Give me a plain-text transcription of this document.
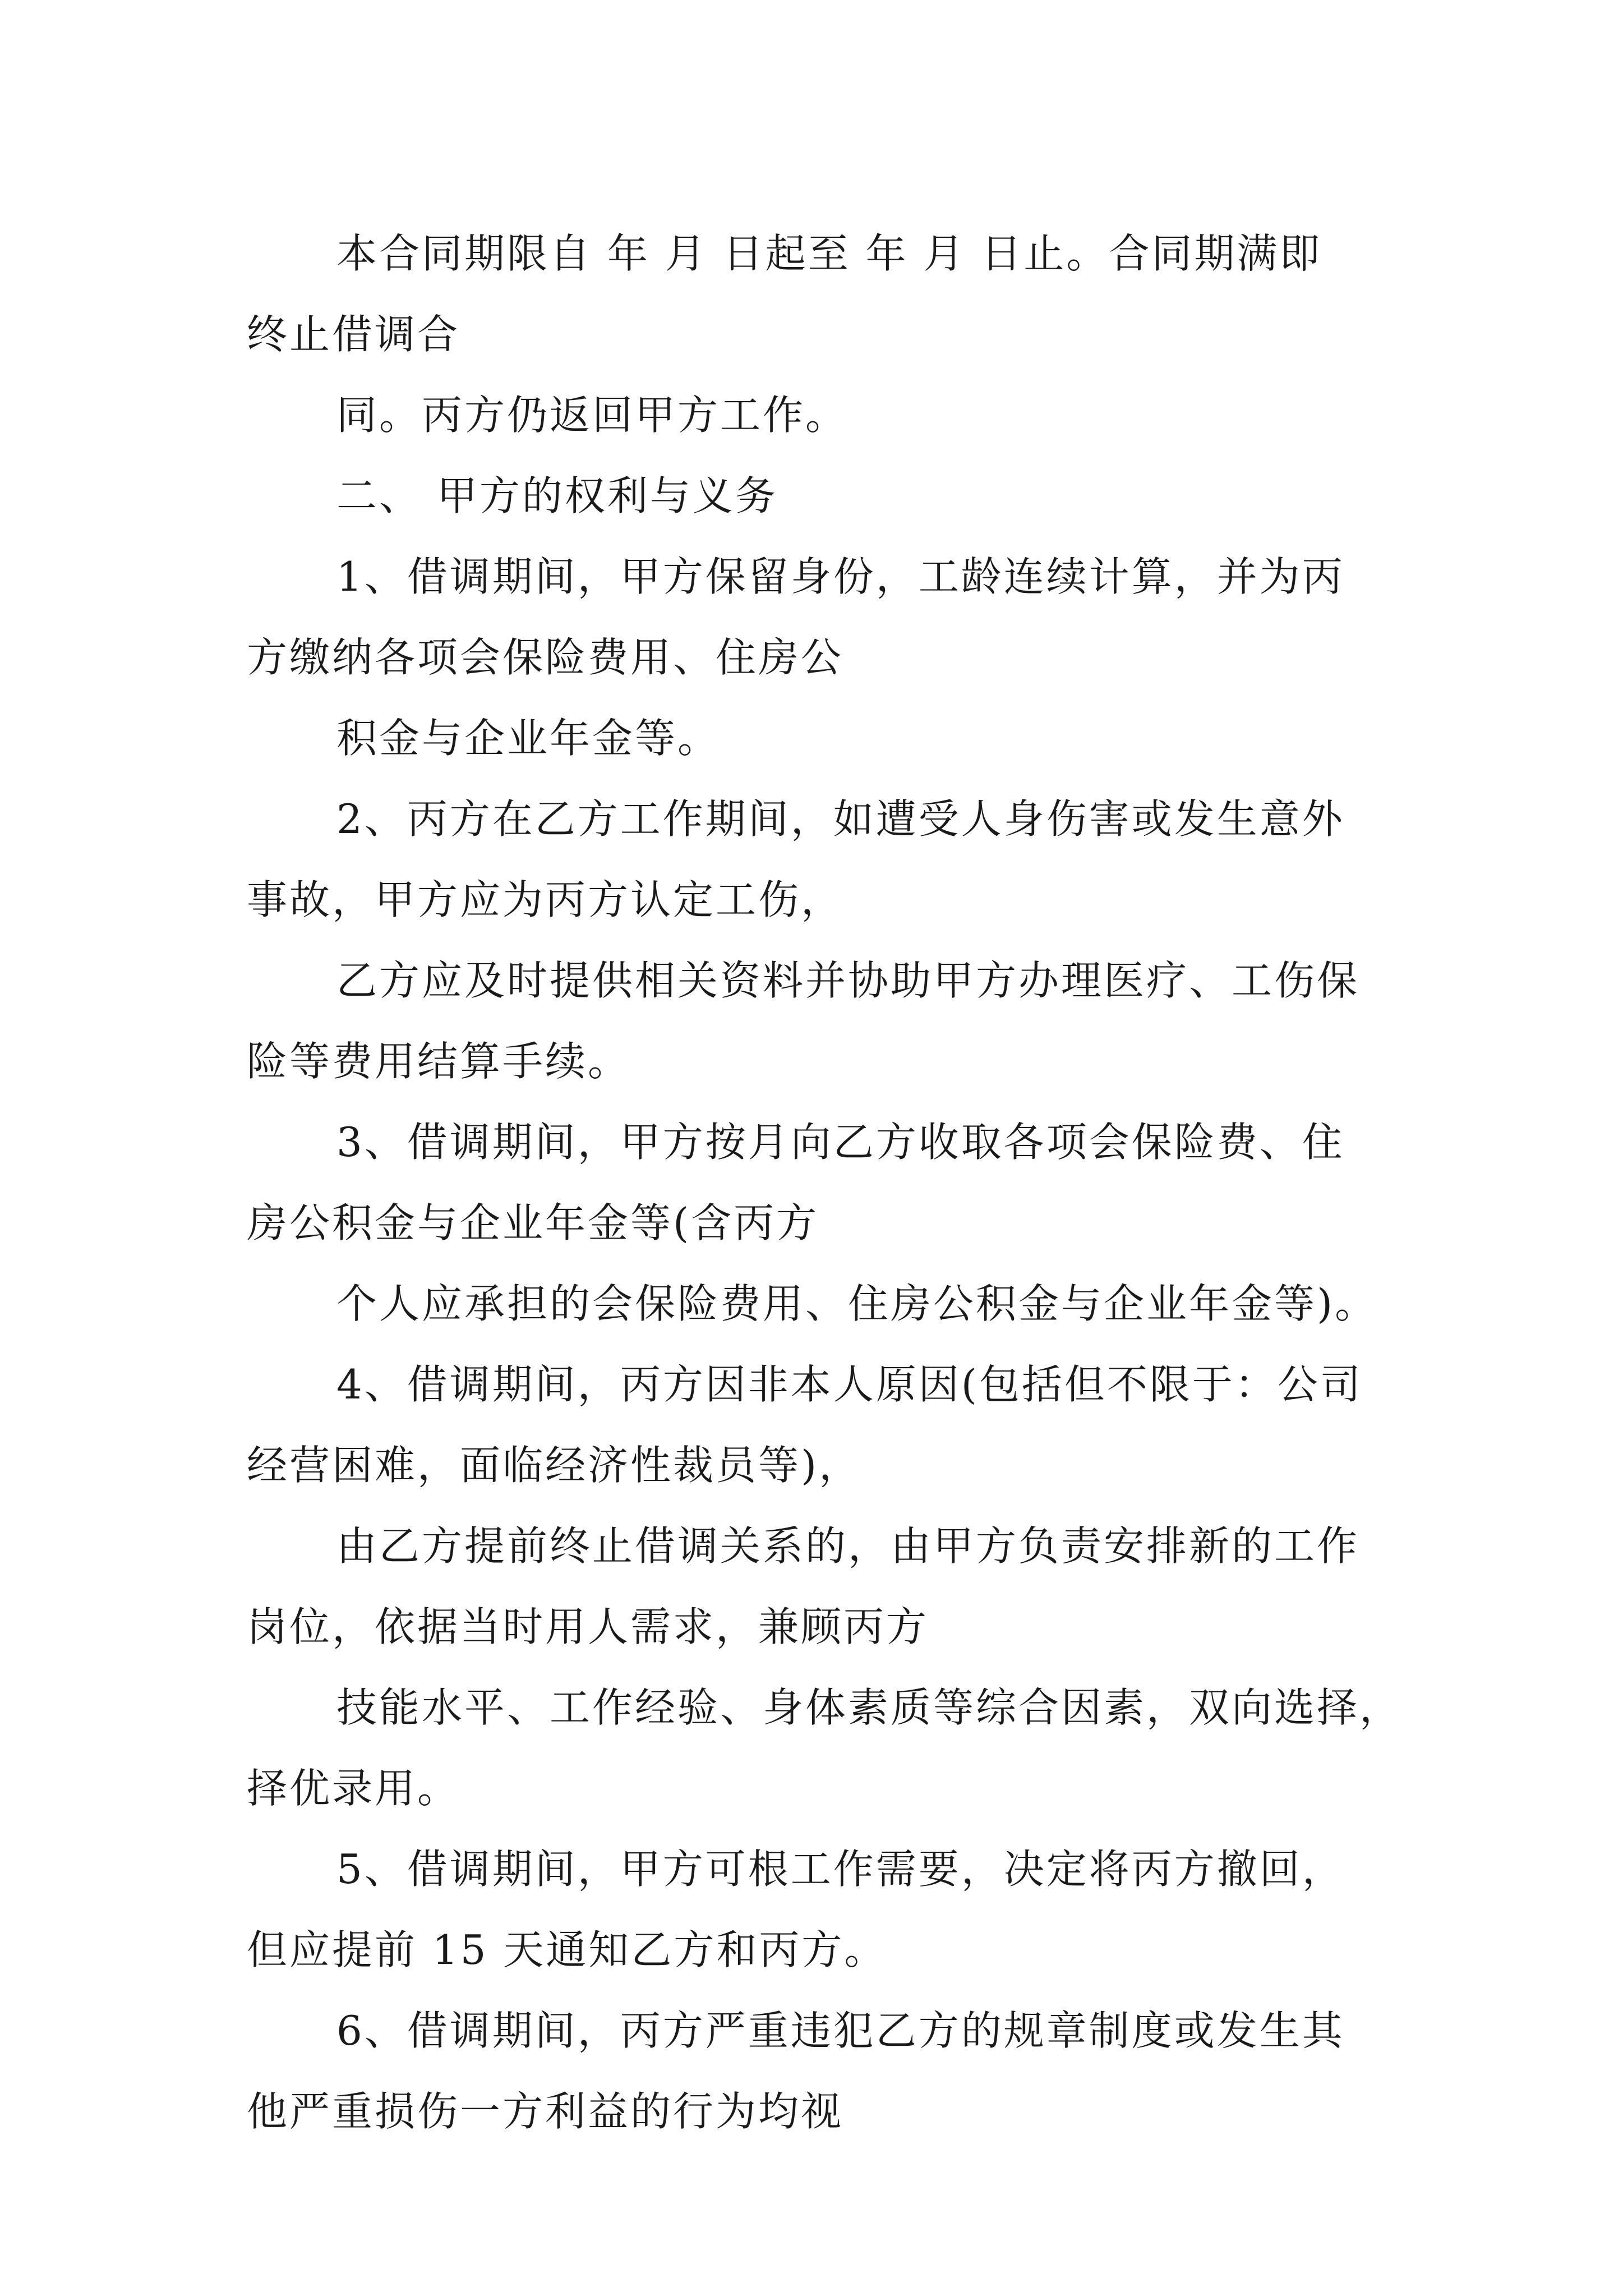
本合同期限自 年 月 日起至 年 月 日止。合同期满即
终止借调合

同。丙方仍返回甲方工作。

二、 甲方的权利与义务

1、借调期间，甲方保留身份，工龄连续计算，并为丙
方缴纳各项会保险费用、住房公

积金与企业年金等。

2、丙方在乙方工作期间，如遭受人身伤害或发生意外
事故，甲方应为丙方认定工伤，

乙方应及时提供相关资料并协助甲方办理医疗、工伤保
险等费用结算手续。

3、借调期间，甲方按月向乙方收取各项会保险费、住
房公积金与企业年金等(含丙方

个人应承担的会保险费用、住房公积金与企业年金等)。

4、借调期间，丙方因非本人原因(包括但不限于：公司
经营困难，面临经济性裁员等)，

由乙方提前终止借调关系的，由甲方负责安排新的工作
岗位，依据当时用人需求，兼顾丙方

技能水平、工作经验、身体素质等综合因素，双向选择，
择优录用。

5、借调期间，甲方可根工作需要，决定将丙方撤回，
但应提前 15 天通知乙方和丙方。

6、借调期间，丙方严重违犯乙方的规章制度或发生其
他严重损伤一方利益的行为均视
